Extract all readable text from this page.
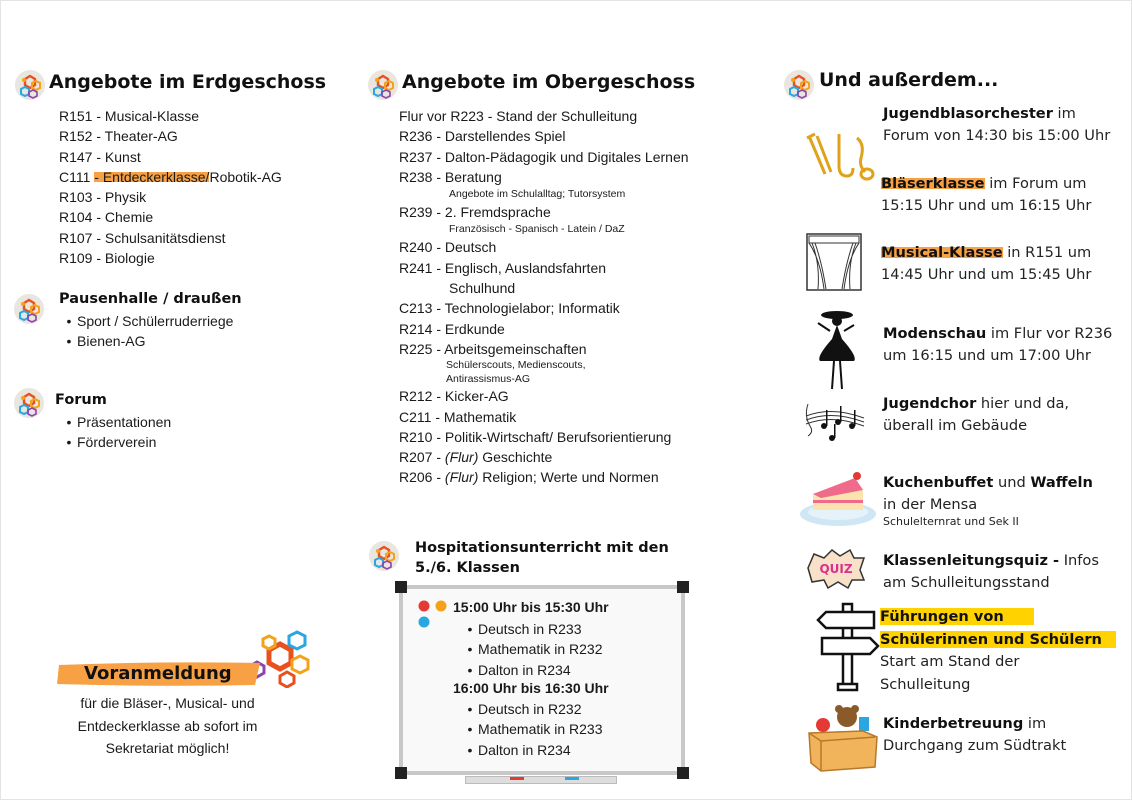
Angebote im Erdgeschoss
R151 - Musical-Klasse
R152 - Theater-AG
R147 - Kunst
C111 - Entdeckerklasse/Robotik-AG
R103 - Physik
R104 - Chemie
R107 - Schulsanitätsdienst
R109 - Biologie
Pausenhalle / draußen
• Sport / Schülerruderriege
• Bienen-AG
Forum
• Präsentationen
• Förderverein
Voranmeldung
für die Bläser-, Musical- und
Entdeckerklasse ab sofort im
Sekretariat möglich!
Angebote im Obergeschoss
Flur vor R223 - Stand der Schulleitung
R236 - Darstellendes Spiel
R237 - Dalton-Pädagogik und Digitales Lernen
R238 - Beratung
Angebote im Schulalltag; Tutorsystem
R239 - 2. Fremdsprache
Französisch - Spanisch - Latein / DaZ
R240 - Deutsch
R241 - Englisch, Auslandsfahrten
Schulhund
C213 - Technologielabor; Informatik
R214 - Erdkunde
R225 - Arbeitsgemeinschaften
Schülerscouts, Medienscouts,
Antirassismus-AG
R212 - Kicker-AG
C211 - Mathematik
R210 - Politik-Wirtschaft/ Berufsorientierung
R207 - (Flur) Geschichte
R206 - (Flur) Religion; Werte und Normen
Hospitationsunterricht mit den
5./6. Klassen
15:00 Uhr bis 15:30 Uhr
• Deutsch in R233
• Mathematik in R232
• Dalton in R234
16:00 Uhr bis 16:30 Uhr
• Deutsch in R232
• Mathematik in R233
• Dalton in R234
Und außerdem...
Jugendblasorchester im
Forum von 14:30 bis 15:00 Uhr
Bläserklasse im Forum um
15:15 Uhr und um 16:15 Uhr
Musical-Klasse in R151 um
14:45 Uhr und um 15:45 Uhr
Modenschau im Flur vor R236
um 16:15 und um 17:00 Uhr
Jugendchor hier und da,
überall im Gebäude
Kuchenbuffet und Waffeln
in der Mensa
Schulelternrat und Sek II
QUIZ Klassenleitungsquiz - Infos
am Schulleitungsstand
Führungen von
Schülerinnen und Schülern
Start am Stand der
Schulleitung
Kinderbetreuung im
Durchgang zum Südtrakt
